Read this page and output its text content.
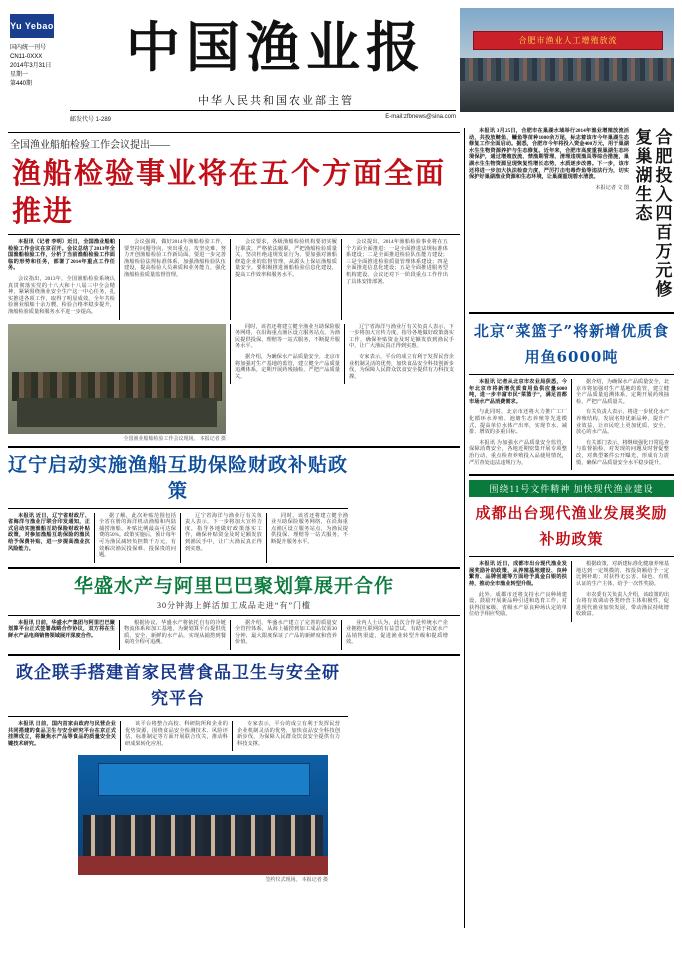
Yu Yebao
国内统一刊号
CN11-0XXX
2014年3月31日
星期一
第440期
中国渔业报
中华人民共和国农业部主管
邮发代号 1-289	E-mail:zfbnews@sina.com
合肥市渔业人工增殖放流
全国渔业船舶检验工作会议提出——
渔船检验事业将在五个方面全面推进

本报讯（记者 李明）近日，全国渔业船舶检验工作会议在京召开。会议总结了2013年全国渔船检验工作，分析了当前渔船检验工作面临的形势和任务，部署了2014年重点工作任务。

会议指出，2013年，全国渔船检验系统认真贯彻落实党的十八大和十八届三中全会精神，紧紧围绕渔业安全生产这一中心任务，扎实推进各项工作，取得了明显成效。全年共检验渔业船舶十余万艘，检验合格率稳步提升，渔船检验质量和服务水平进一步提高。

会议强调，做好2014年渔船检验工作，要坚持问题导向，突出重点，攻坚克难，努力开创渔船检验工作新局面。要进一步完善渔船检验法规标准体系，加强渔船检验队伍建设，提高检验人员素质和业务能力，强化渔船检验质量监督管理。

会议要求，各级渔船检验机构要切实履行职责，严格依法履职，严把渔船检验质量关，坚决杜绝违规发证行为。要加强对渔船修造企业的监督管理，从源头上保证渔船质量安全。要积极推进渔船检验信息化建设，提高工作效率和服务水平。

会议提出，2014年渔船检验事业将在五个方面全面推进：一是全面推进法规标准体系建设；二是全面推进检验队伍能力建设；三是全面推进检验质量管理体系建设；四是全面推进信息化建设；五是全面推进服务型机构建设。会议还对下一阶段重点工作作出了具体安排部署。

全国渔业船舶检验工作会议现场。 本报记者 摄

同时，该省还将建立健全渔业互助保险服务网络，在沿海重点渔区设立服务站点，为渔民提供投保、理赔等一站式服务，不断提升服务水平。

据介绍，为确保水产品质量安全，北京市将加强对生产基地的监管，建立健全产品质量追溯体系，定期开展药残抽检，严把产品质量关。

辽宁省海洋与渔业厅有关负责人表示，下一步将加大宣传力度，指导各地做好政策落实工作，确保补贴资金及时足额发放到渔民手中，让广大渔民真正得到实惠。

专家表示，平台的成立有利于发挥民营企业机制灵活的优势，加快食品安全科技创新步伐，为保障人民群众饮食安全提供有力科技支撑。

辽宁启动实施渔船互助保险财政补贴政策

本报讯 近日，辽宁省财政厅、省海洋与渔业厅联合印发通知，正式启动实施渔船互助保险财政补贴政策，对参加渔船互助保险的渔民给予保费补贴，进一步提高渔业抗风险能力。

据了解，此次补贴范围包括全省在册的海洋机动渔船和内陆捕捞渔船，补贴比例最高可达保费的50%。政策实施后，预计每年可为渔民减轻负担数千万元，有效解决渔民投保难、投保贵的问题。

辽宁省海洋与渔业厅有关负责人表示，下一步将加大宣传力度，指导各地做好政策落实工作，确保补贴资金及时足额发放到渔民手中，让广大渔民真正得到实惠。

同时，该省还将建立健全渔业互助保险服务网络，在沿海重点渔区设立服务站点，为渔民提供投保、理赔等一站式服务，不断提升服务水平。

华盛水产与阿里巴巴聚划算展开合作
30分钟海上鲜活加工成品走进“有”门槛

本报讯 日前，华盛水产集团与阿里巴巴聚划算平台正式签署战略合作协议，双方将在生鲜水产品电商销售领域展开深度合作。

根据协议，华盛水产将依托自有的冷链物流体系和加工基地，为聚划算平台提供优质、安全、新鲜的水产品，实现从捕捞到餐桌的全程可追溯。

据介绍，华盛水产建立了完善的质量安全管控体系，从海上捕捞到加工成品仅需30分钟，最大限度保证了产品的新鲜度和营养价值。

业内人士认为，此次合作是传统水产企业拥抱互联网的有益尝试，有助于拓宽水产品销售渠道，促进渔业转型升级和提质增效。

政企联手搭建首家民营食品卫生与安全研究平台

本报讯 日前，国内首家由政府与民营企业共同搭建的食品卫生与安全研究平台在京正式挂牌成立，将聚焦水产品等食品的质量安全关键技术研究。

该平台将整合高校、科研院所和企业的优势资源，围绕食品安全检测技术、风险评估、标准制定等方面开展联合攻关，推动科研成果转化应用。

专家表示，平台的成立有利于发挥民营企业机制灵活的优势，加快食品安全科技创新步伐，为保障人民群众饮食安全提供有力科技支撑。

签约仪式现场。 本报记者 摄

本报讯 3月25日，合肥市在巢湖水域举行2014年渔业增殖放流活动，共投放鲢鱼、鳙鱼等苗种1000余万尾，标志着该市今年巢湖生态修复工作全面启动。据悉，合肥市今年将投入资金400万元，用于巢湖水生生物资源养护与生态修复。近年来，合肥市高度重视巢湖生态环境保护，通过增殖放流、禁渔期管理、清理违规渔具等综合措施，巢湖水生生物资源呈现恢复性增长态势，水质逐步改善。下一步，该市还将进一步加大执法检查力度，严厉打击电毒炸鱼等违法行为，切实保护好巢湖渔业资源和生态环境，让巢湖重现碧水清波。

本报记者 文 图	合肥投入四百万元修复巢湖生态
北京“菜篮子”将新增优质食用鱼6000吨

本报讯 记者从北京市农业局获悉，今年北京市将新增优质食用鱼供应量6000吨，进一步丰富市民“菜篮子”，满足首都市场水产品消费需求。

与此同时，北京市还将大力推广工厂化循环水养殖、池塘生态养殖等先进模式，提高单位水体产出率，实现节水、减排、增效的多重目标。

本报讯 为加强水产品质量安全监管，保障消费安全，各地近期密集开展专项整治行动，重点检查养殖投入品使用情况，严厉查处违法违规行为。

据介绍，为确保水产品质量安全，北京市将加强对生产基地的监管，建立健全产品质量追溯体系，定期开展药残抽检，严把产品质量关。

有关负责人表示，将进一步优化水产养殖结构，发展名特优新品种，提升产业效益，让市民吃上更加优质、安全、放心的水产品。

有关部门表示，将继续强化日常巡查与监督抽检，对发现的问题及时督促整改，对典型案件公开曝光，形成有力震慑，确保产品质量安全水平稳步提升。

围绕11号文件精神 加快现代渔业建设
成都出台现代渔业发展奖励补助政策

本报讯 近日，成都市出台现代渔业发展奖励补助政策，从养殖基地建设、良种繁育、品牌创建等方面给予真金白银的扶持，推动全市渔业转型升级。

此外，成都市还将支持水产良种场建设，鼓励开展新品种引进和选育工作，对获得国家级、省级水产原良种场认定的单位给予相应奖励。

根据政策，对新建标准化健康养殖基地达到一定规模的，按投资额给予一定比例补助；对获得无公害、绿色、有机认证的生产主体，给予一次性奖励。

市农委有关负责人介绍，该政策的出台将有效调动各类经营主体积极性，促进现代渔业加快发展，带动渔民持续增收致富。
